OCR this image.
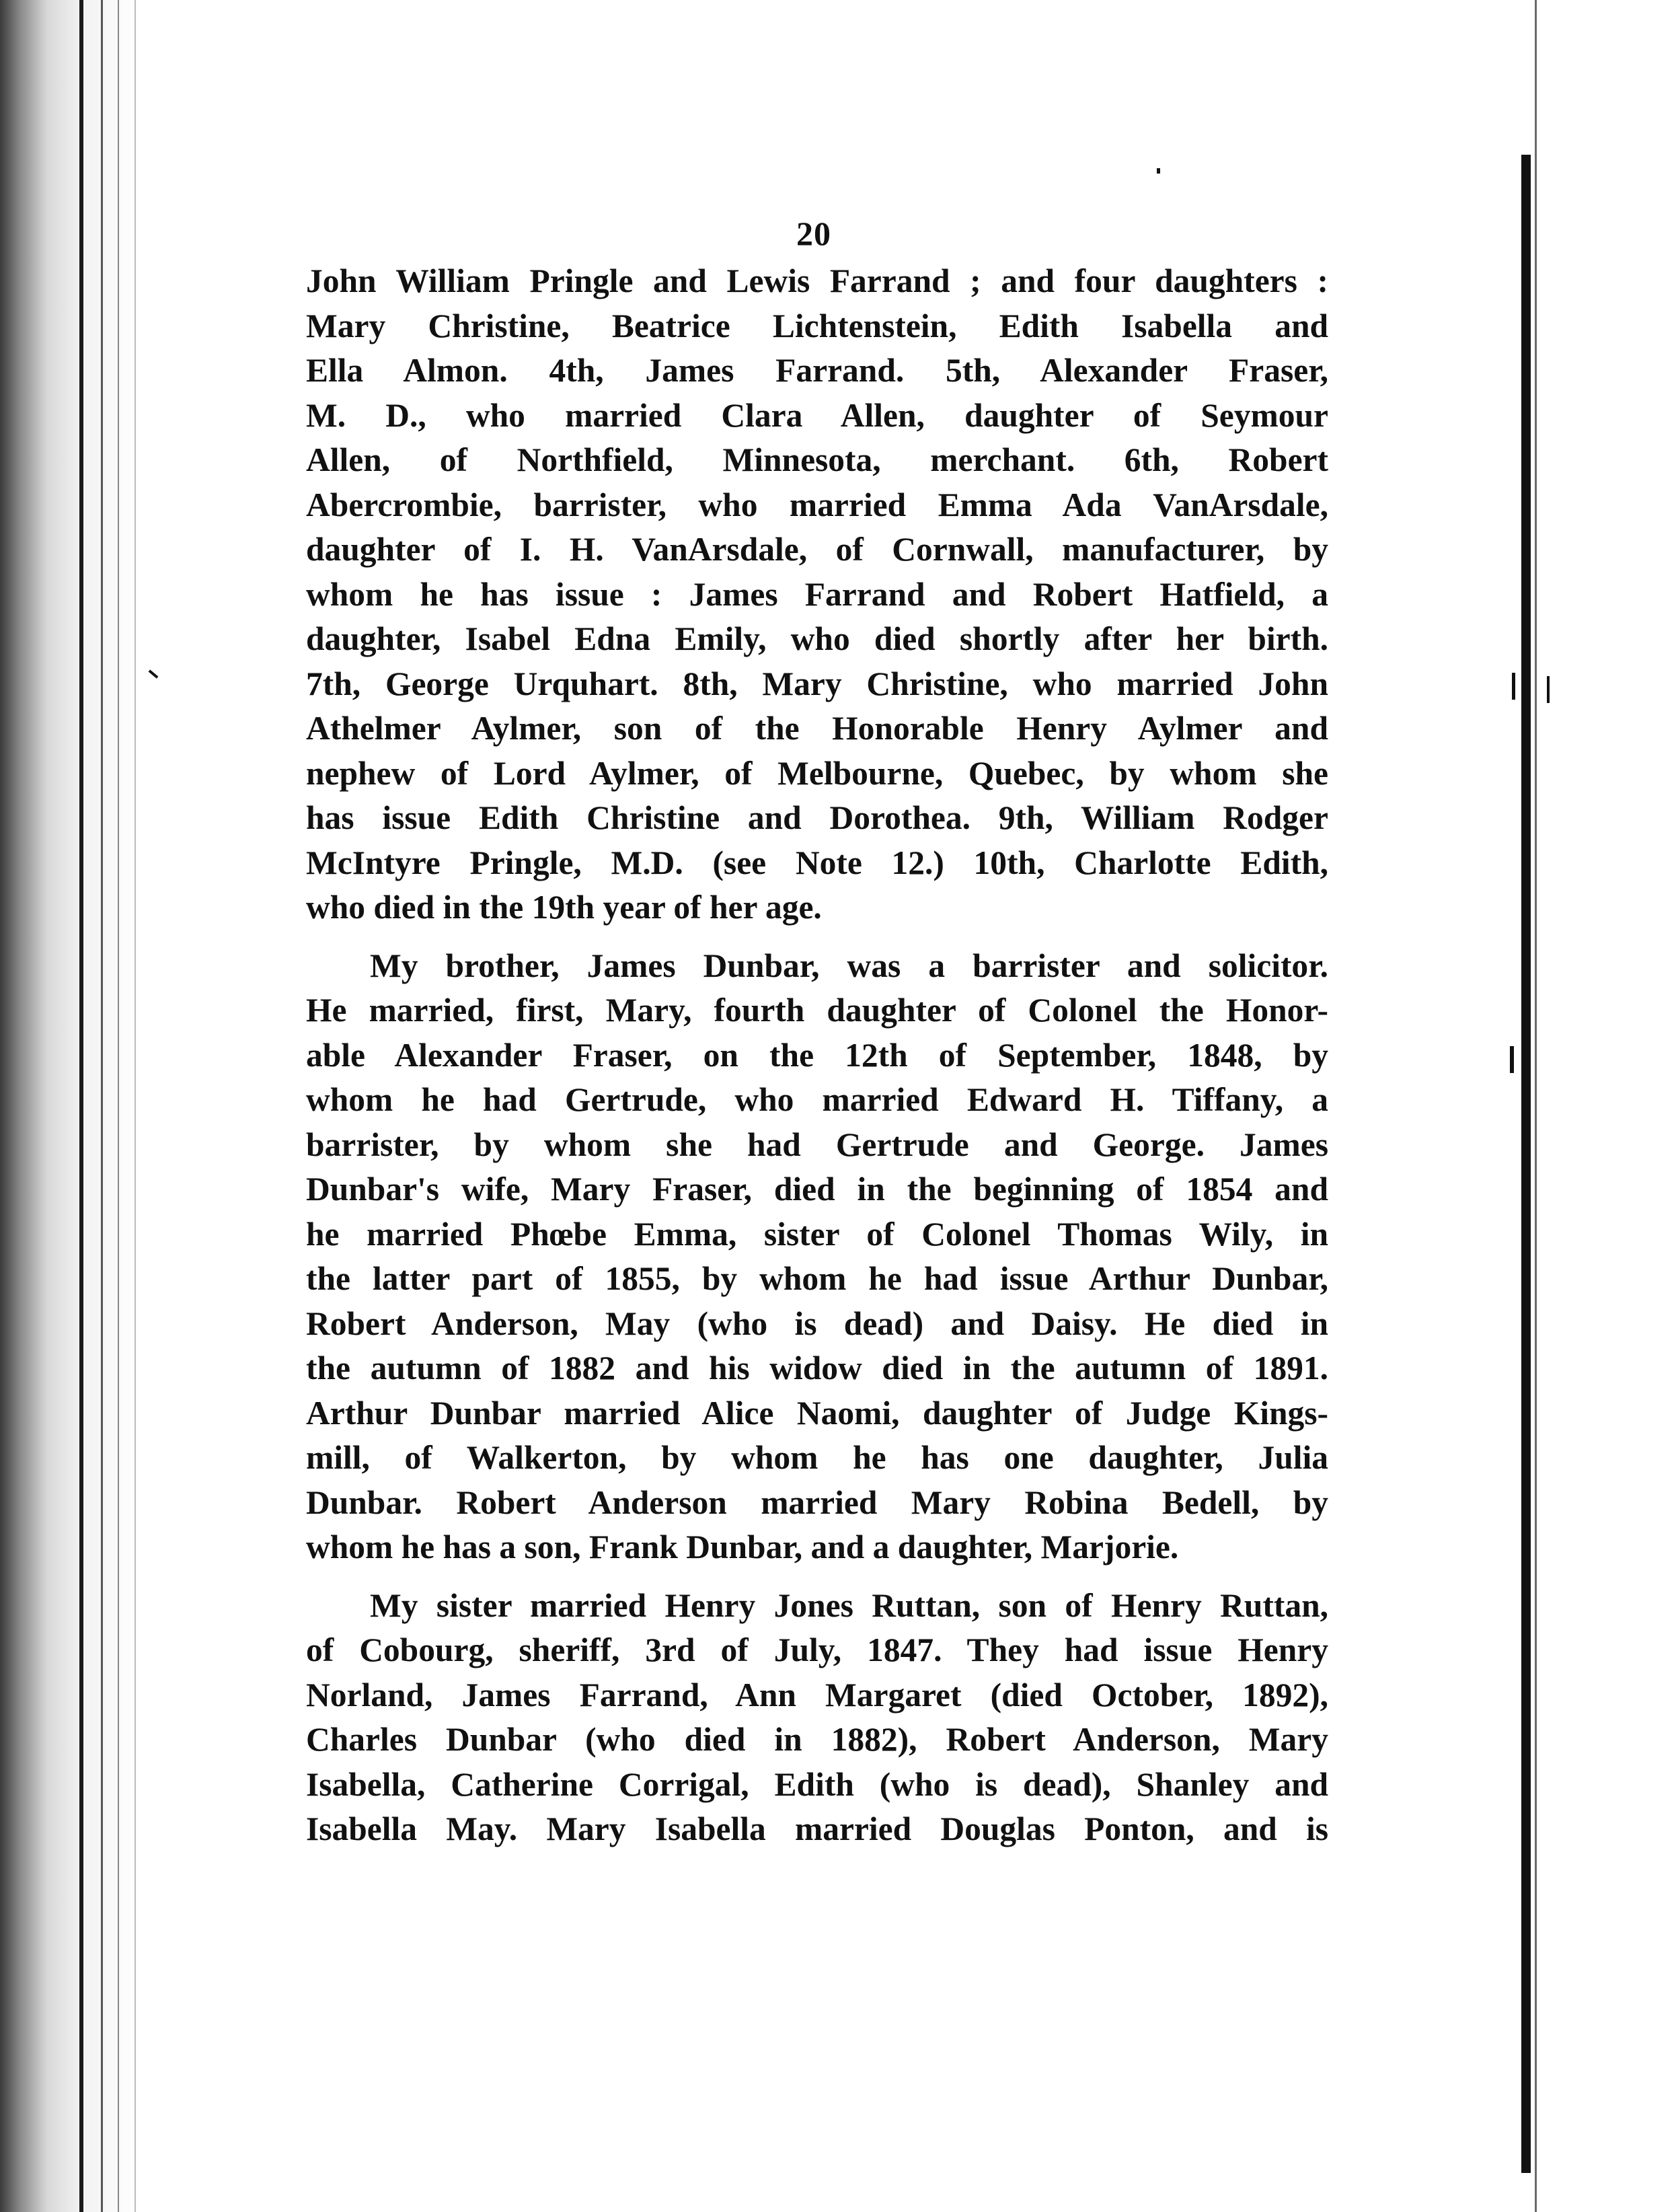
20

John William Pringle and Lewis Farrand ; and four daughters :

Mary Christine, Beatrice Lichtenstein, Edith Isabella and

Ella Almon. 4th, James Farrand. 5th, Alexander Fraser,

M. D., who married Clara Allen, daughter of Seymour

Allen, of Northfield, Minnesota, merchant. 6th, Robert

Abercrombie, barrister, who married Emma Ada VanArsdale,

daughter of I. H. VanArsdale, of Cornwall, manufacturer, by

whom he has issue : James Farrand and Robert Hatfield, a

daughter, Isabel Edna Emily, who died shortly after her birth.

7th, George Urquhart. 8th, Mary Christine, who married John

Athelmer Aylmer, son of the Honorable Henry Aylmer and

nephew of Lord Aylmer, of Melbourne, Quebec, by whom she

has issue Edith Christine and Dorothea. 9th, William Rodger

McIntyre Pringle, M.D. (see Note 12.) 10th, Charlotte Edith,

who died in the 19th year of her age.

My brother, James Dunbar, was a barrister and solicitor.

He married, first, Mary, fourth daughter of Colonel the Honor-

able Alexander Fraser, on the 12th of September, 1848, by

whom he had Gertrude, who married Edward H. Tiffany, a

barrister, by whom she had Gertrude and George. James

Dunbar's wife, Mary Fraser, died in the beginning of 1854 and

he married Phœbe Emma, sister of Colonel Thomas Wily, in

the latter part of 1855, by whom he had issue Arthur Dunbar,

Robert Anderson, May (who is dead) and Daisy. He died in

the autumn of 1882 and his widow died in the autumn of 1891.

Arthur Dunbar married Alice Naomi, daughter of Judge Kings-

mill, of Walkerton, by whom he has one daughter, Julia

Dunbar. Robert Anderson married Mary Robina Bedell, by

whom he has a son, Frank Dunbar, and a daughter, Marjorie.

My sister married Henry Jones Ruttan, son of Henry Ruttan,

of Cobourg, sheriff, 3rd of July, 1847. They had issue Henry

Norland, James Farrand, Ann Margaret (died October, 1892),

Charles Dunbar (who died in 1882), Robert Anderson, Mary

Isabella, Catherine Corrigal, Edith (who is dead), Shanley and

Isabella May. Mary Isabella married Douglas Ponton, and is
